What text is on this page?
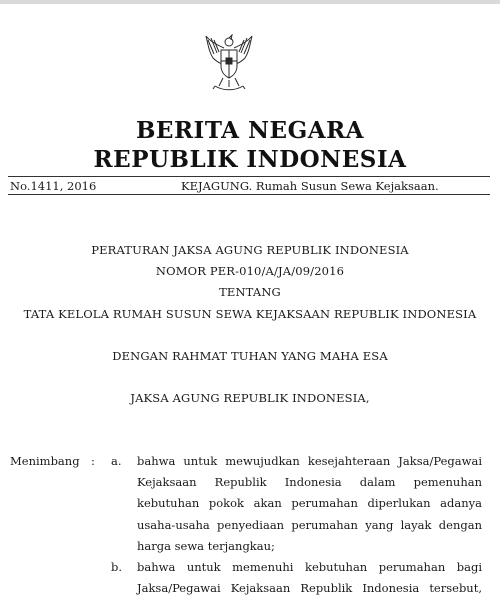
BERITA NEGARA
REPUBLIK INDONESIA
No.1411, 2016	KEJAGUNG. Rumah Susun Sewa Kejaksaan.
PERATURAN JAKSA AGUNG REPUBLIK INDONESIA
NOMOR PER-010/A/JA/09/2016
TENTANG
TATA KELOLA RUMAH SUSUN SEWA KEJAKSAAN REPUBLIK INDONESIA
DENGAN RAHMAT TUHAN YANG MAHA ESA
JAKSA AGUNG REPUBLIK INDONESIA,
Menimbang : a. bahwa untuk mewujudkan kesejahteraan Jaksa/Pegawai
Kejaksaan Republik Indonesia dalam pemenuhan
kebutuhan pokok akan perumahan diperlukan adanya
usaha-usaha penyediaan perumahan yang layak dengan
harga sewa terjangkau;
b. bahwa untuk memenuhi kebutuhan perumahan bagi
Jaksa/Pegawai Kejaksaan Republik Indonesia tersebut,
